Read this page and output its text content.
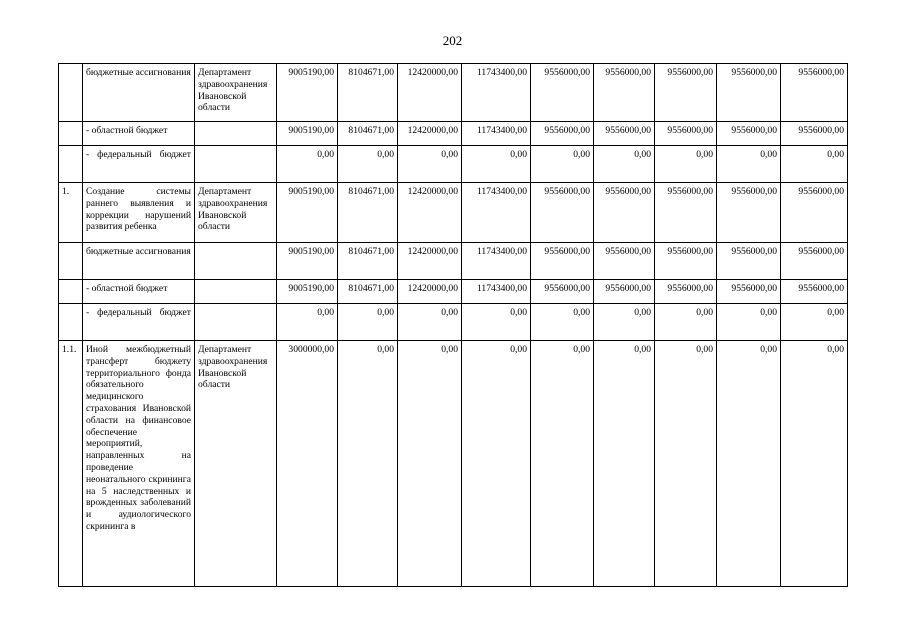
202
	бюджетные ассигнования	Департамент здравоохранения Ивановской области	9005190,00	8104671,00	12420000,00	11743400,00	9556000,00	9556000,00	9556000,00	9556000,00	9556000,00
	- областной бюджет		9005190,00	8104671,00	12420000,00	11743400,00	9556000,00	9556000,00	9556000,00	9556000,00	9556000,00
	- федеральный бюджет		0,00	0,00	0,00	0,00	0,00	0,00	0,00	0,00	0,00
1.	Создание системы раннего выявления и коррекции нарушений развития ребенка	Департамент здравоохранения Ивановской области	9005190,00	8104671,00	12420000,00	11743400,00	9556000,00	9556000,00	9556000,00	9556000,00	9556000,00
	бюджетные ассигнования		9005190,00	8104671,00	12420000,00	11743400,00	9556000,00	9556000,00	9556000,00	9556000,00	9556000,00
	- областной бюджет		9005190,00	8104671,00	12420000,00	11743400,00	9556000,00	9556000,00	9556000,00	9556000,00	9556000,00
	- федеральный бюджет		0,00	0,00	0,00	0,00	0,00	0,00	0,00	0,00	0,00
1.1.	Иной межбюджетный трансферт бюджету территориального фонда обязательного медицинского страхования Ивановской области на финансовое обеспечение мероприятий, направленных на проведение неонатального скрининга на 5 наследственных и врожденных заболеваний и аудиологического скрининга в	Департамент здравоохранения Ивановской области	3000000,00	0,00	0,00	0,00	0,00	0,00	0,00	0,00	0,00
